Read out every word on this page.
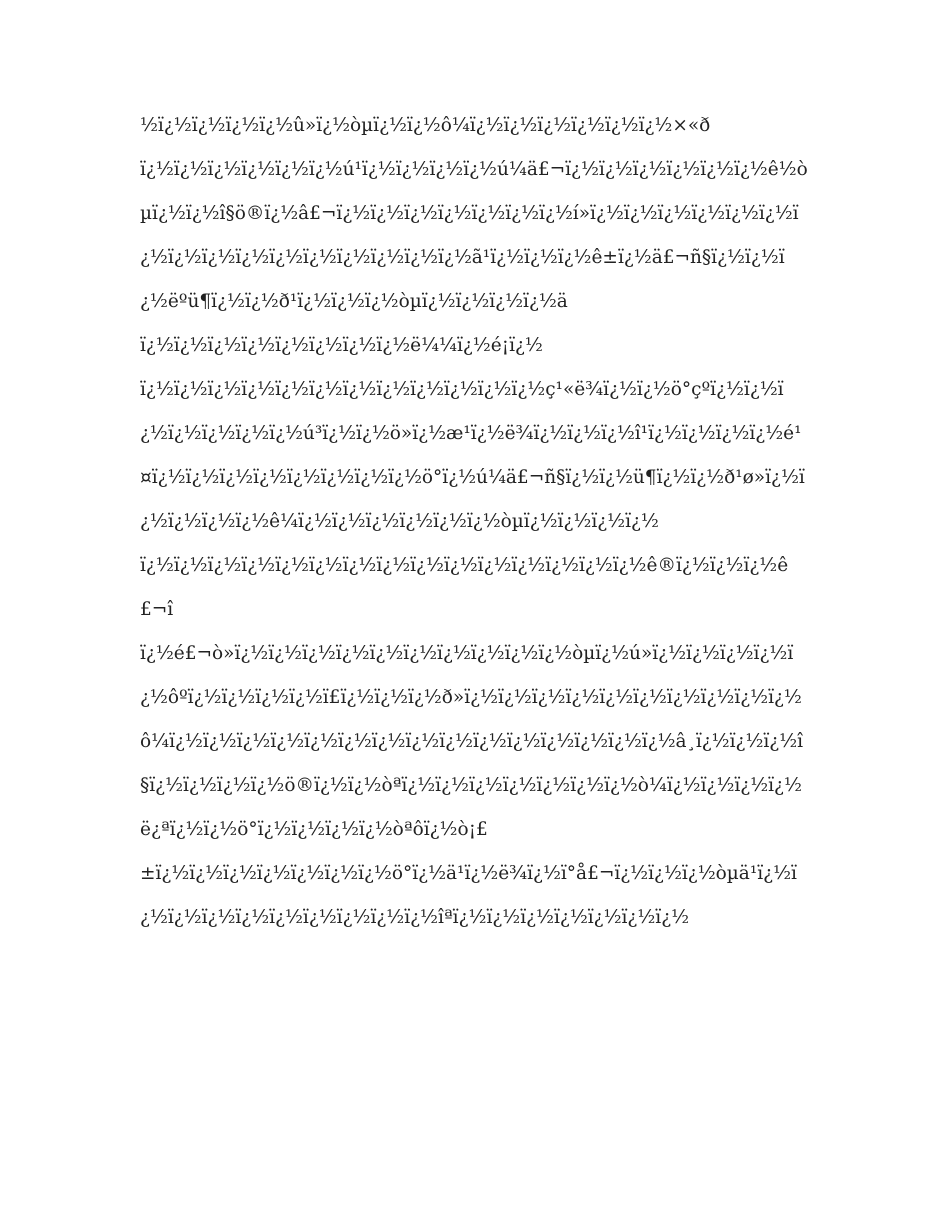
½ï¿½ï¿½ï¿½ï¿½û»ï¿½òµï¿½ï¿½ô¼ï¿½ï¿½ï¿½ï¿½ï¿½ï¿½×«ð

ï¿½ï¿½ï¿½ï¿½ï¿½ï¿½ú¹ï¿½ï¿½ï¿½ï¿½ú¼ä£¬ï¿½ï¿½ï¿½ï¿½ï¿½ï¿½ê½òµï¿½ï¿½î§ö®ï¿½â£¬ï¿½ï¿½ï¿½ï¿½ï¿½ï¿½ï¿½í»ï¿½ï¿½ï¿½ï¿½ï¿½ï¿½ï¿½ï¿½ï¿½ï¿½ï¿½ï¿½ï¿½ï¿½ï¿½ï¿½ã¹ï¿½ï¿½ï¿½ê±ï¿½ä£¬ñ§ï¿½ï¿½ï¿½ëºü¶ï¿½ï¿½ð¹ï¿½ï¿½ï¿½òµï¿½ï¿½ï¿½ï¿½ä

ï¿½ï¿½ï¿½ï¿½ï¿½ï¿½ï¿½ï¿½ë¼¼ï¿½é¡ï¿½

ï¿½ï¿½ï¿½ï¿½ï¿½ï¿½ï¿½ï¿½ï¿½ï¿½ï¿½ï¿½ç¹«ë¾ï¿½ï¿½ö°çºï¿½ï¿½ï¿½ï¿½ï¿½ï¿½ï¿½ú³ï¿½ï¿½ö»ï¿½æ¹ï¿½ë¾ï¿½ï¿½ï¿½î¹ï¿½ï¿½ï¿½ï¿½é¹¤ï¿½ï¿½ï¿½ï¿½ï¿½ï¿½ï¿½ï¿½ö°ï¿½ú¼ä£¬ñ§ï¿½ï¿½ü¶ï¿½ï¿½ð¹ø»ï¿½ï¿½ï¿½ï¿½ï¿½ê¼ï¿½ï¿½ï¿½ï¿½ï¿½ï¿½òµï¿½ï¿½ï¿½ï¿½

ï¿½ï¿½ï¿½ï¿½ï¿½ï¿½ï¿½ï¿½ï¿½ï¿½ï¿½ï¿½ï¿½ï¿½ï¿½ê®ï¿½ï¿½ï¿½ê£¬î

ï¿½é£¬ò»ï¿½ï¿½ï¿½ï¿½ï¿½ï¿½ï¿½ï¿½ï¿½ï¿½òµï¿½ú»ï¿½ï¿½ï¿½ï¿½ï¿½ôºï¿½ï¿½ï¿½ï¿½ï£ï¿½ï¿½ï¿½ð»ï¿½ï¿½ï¿½ï¿½ï¿½ï¿½ï¿½ï¿½ï¿½ï¿½ô¼ï¿½ï¿½ï¿½ï¿½ï¿½ï¿½ï¿½ï¿½ï¿½ï¿½ï¿½ï¿½ï¿½ï¿½ï¿½â¸ï¿½ï¿½ï¿½î§ï¿½ï¿½ï¿½ï¿½ö®ï¿½ï¿½òªï¿½ï¿½ï¿½ï¿½ï¿½ï¿½ï¿½ò¼ï¿½ï¿½ï¿½ï¿½ë¿ªï¿½ï¿½ö°ï¿½ï¿½ï¿½ï¿½òªôï¿½ò¡£

±ï¿½ï¿½ï¿½ï¿½ï¿½ï¿½ï¿½ö°ï¿½ä¹ï¿½ë¾ï¿½ï°å£¬ï¿½ï¿½ï¿½òµä¹ï¿½ï¿½ï¿½ï¿½ï¿½ï¿½ï¿½ï¿½ï¿½ï¿½îªï¿½ï¿½ï¿½ï¿½ï¿½ï¿½ï¿½
